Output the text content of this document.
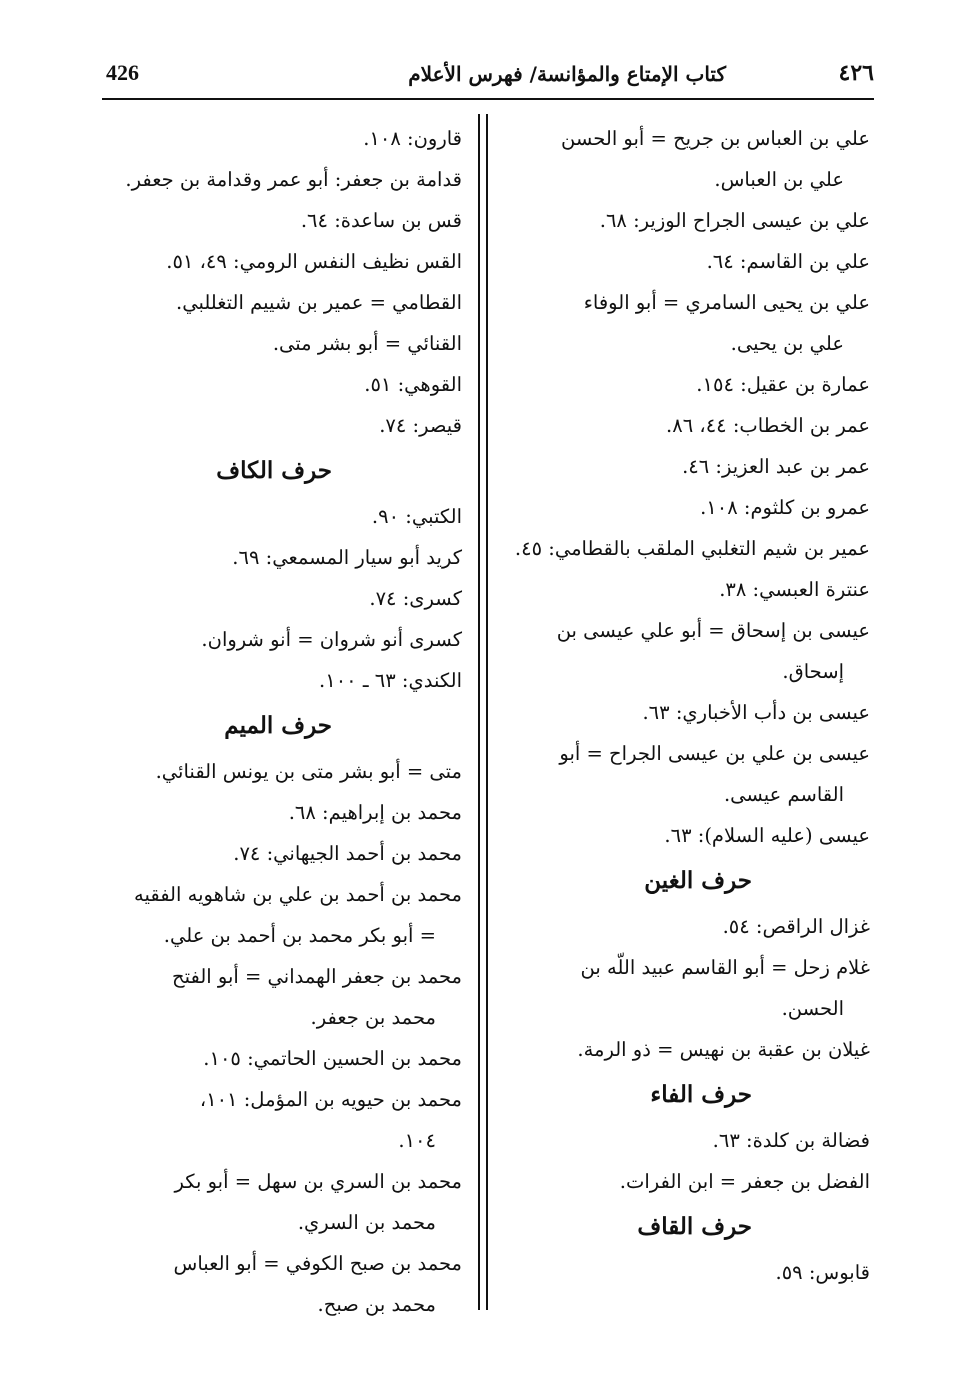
426	كتاب الإمتاع والمؤانسة/ فهرس الأعلام	٤٢٦
علي بن العباس بن جريح = أبو الحسن
علي بن العباس.
علي بن عيسى الجراح الوزير: ٦٨.
علي بن القاسم: ٦٤.
علي بن يحيى السامري = أبو الوفاء
علي بن يحيى.
عمارة بن عقيل: ١٥٤.
عمر بن الخطاب: ٤٤، ٨٦.
عمر بن عبد العزيز: ٤٦.
عمرو بن كلثوم: ١٠٨.
عمير بن شيم التغلبي الملقب بالقطامي: ٤٥.
عنترة العبسي: ٣٨.
عيسى بن إسحاق = أبو علي عيسى بن
إسحاق.
عيسى بن دأب الأخباري: ٦٣.
عيسى بن علي بن عيسى الجراح = أبو
القاسم عيسى.
عيسى (عليه السلام): ٦٣.
حرف الغين
غزال الراقص: ٥٤.
غلام زحل = أبو القاسم عبيد اللّه بن
الحسن.
غيلان بن عقبة بن نهيس = ذو الرمة.
حرف الفاء
فضالة بن كلدة: ٦٣.
الفضل بن جعفر = ابن الفرات.
حرف القاف
قابوس: ٥٩.
قارون: ١٠٨.
قدامة بن جعفر: أبو عمر وقدامة بن جعفر.
قس بن ساعدة: ٦٤.
القس نظيف النفس الرومي: ٤٩، ٥١.
القطامي = عمير بن شييم التغللبي.
القنائي = أبو بشر متى.
القوهي: ٥١.
قيصر: ٧٤.
حرف الكاف
الكتبي: ٩٠.
كريد أبو سيار المسمعي: ٦٩.
كسرى: ٧٤.
كسرى أنو شروان = أنو شروان.
الكندي: ٦٣ ـ ١٠٠.
حرف الميم
متى = أبو بشر متى بن يونس القنائي.
محمد بن إبراهيم: ٦٨.
محمد بن أحمد الجيهاني: ٧٤.
محمد بن أحمد بن علي بن شاهويه الفقيه
= أبو بكر محمد بن أحمد بن علي.
محمد بن جعفر الهمداني = أبو الفتح
محمد بن جعفر.
محمد بن الحسين الحاتمي: ١٠٥.
محمد بن حيويه بن المؤمل: ١٠١،
١٠٤.
محمد بن السري بن سهل = أبو بكر
محمد بن السري.
محمد بن صبح الكوفي = أبو العباس
محمد بن صبح.
